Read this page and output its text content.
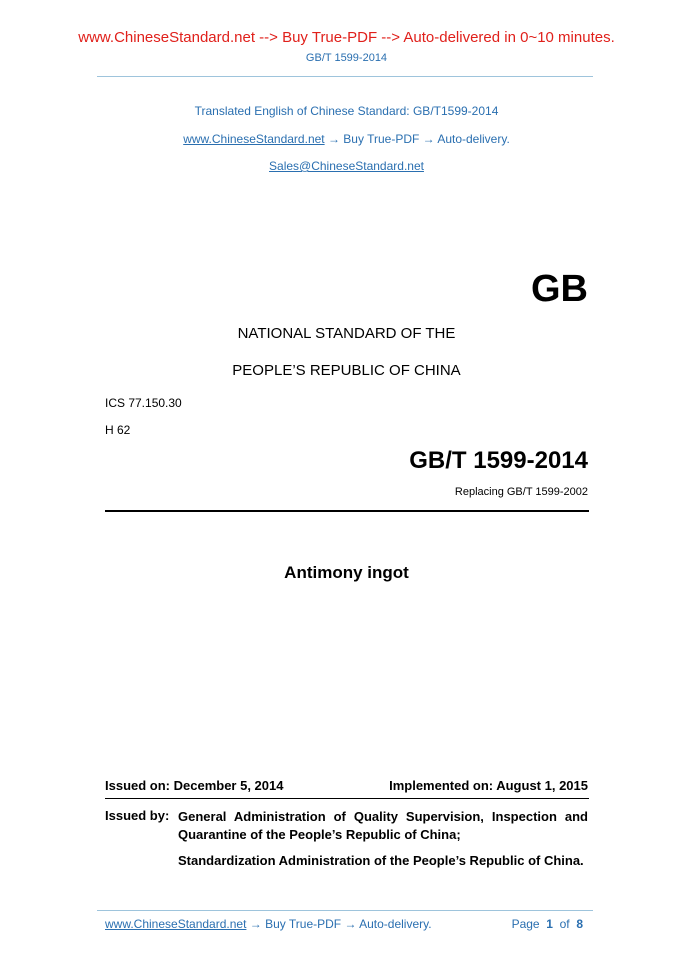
www.ChineseStandard.net --> Buy True-PDF --> Auto-delivered in 0~10 minutes.
GB/T 1599-2014
Translated English of Chinese Standard: GB/T1599-2014
www.ChineseStandard.net → Buy True-PDF → Auto-delivery.
Sales@ChineseStandard.net
GB
NATIONAL STANDARD OF THE
PEOPLE’S REPUBLIC OF CHINA
ICS 77.150.30
H 62
GB/T 1599-2014
Replacing GB/T 1599-2002
Antimony ingot
Issued on: December 5, 2014	Implemented on: August 1, 2015
Issued by: General Administration of Quality Supervision, Inspection and Quarantine of the People’s Republic of China;
Standardization Administration of the People’s Republic of China.
www.ChineseStandard.net → Buy True-PDF → Auto-delivery.	Page 1 of 8
